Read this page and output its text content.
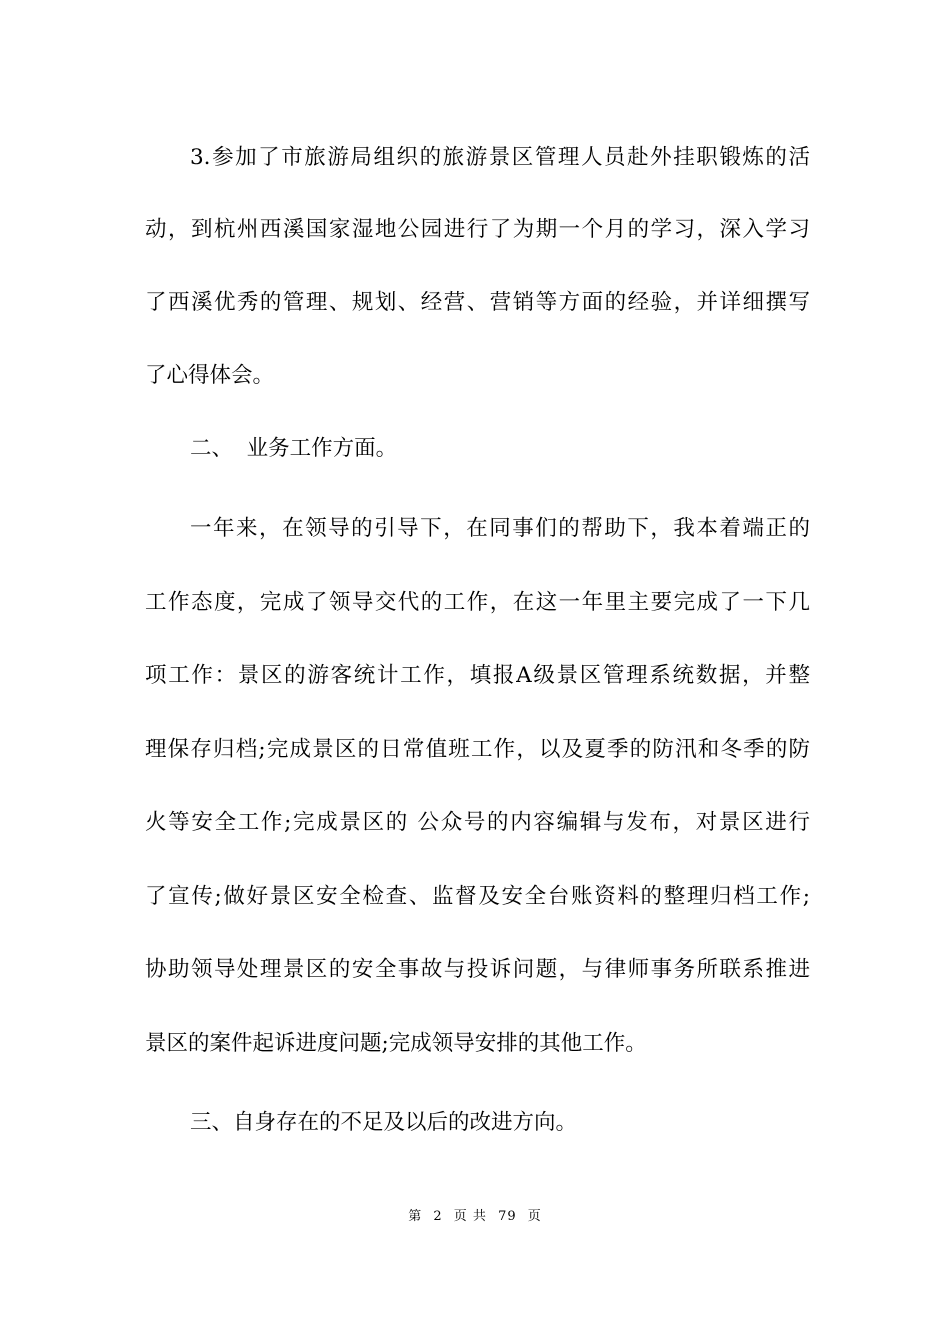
3.参加了市旅游局组织的旅游景区管理人员赴外挂职锻炼的活
动，到杭州西溪国家湿地公园进行了为期一个月的学习，深入学习
了西溪优秀的管理、规划、经营、营销等方面的经验，并详细撰写
了心得体会。
二、  业务工作方面。
一年来，在领导的引导下，在同事们的帮助下，我本着端正的
工作态度，完成了领导交代的工作，在这一年里主要完成了一下几
项工作：景区的游客统计工作，填报A级景区管理系统数据，并整
理保存归档;完成景区的日常值班工作，以及夏季的防汛和冬季的防
火等安全工作;完成景区的 公众号的内容编辑与发布，对景区进行
了宣传;做好景区安全检查、监督及安全台账资料的整理归档工作;
协助领导处理景区的安全事故与投诉问题，与律师事务所联系推进
景区的案件起诉进度问题;完成领导安排的其他工作。
三、自身存在的不足及以后的改进方向。
第 2 页 共 79 页
